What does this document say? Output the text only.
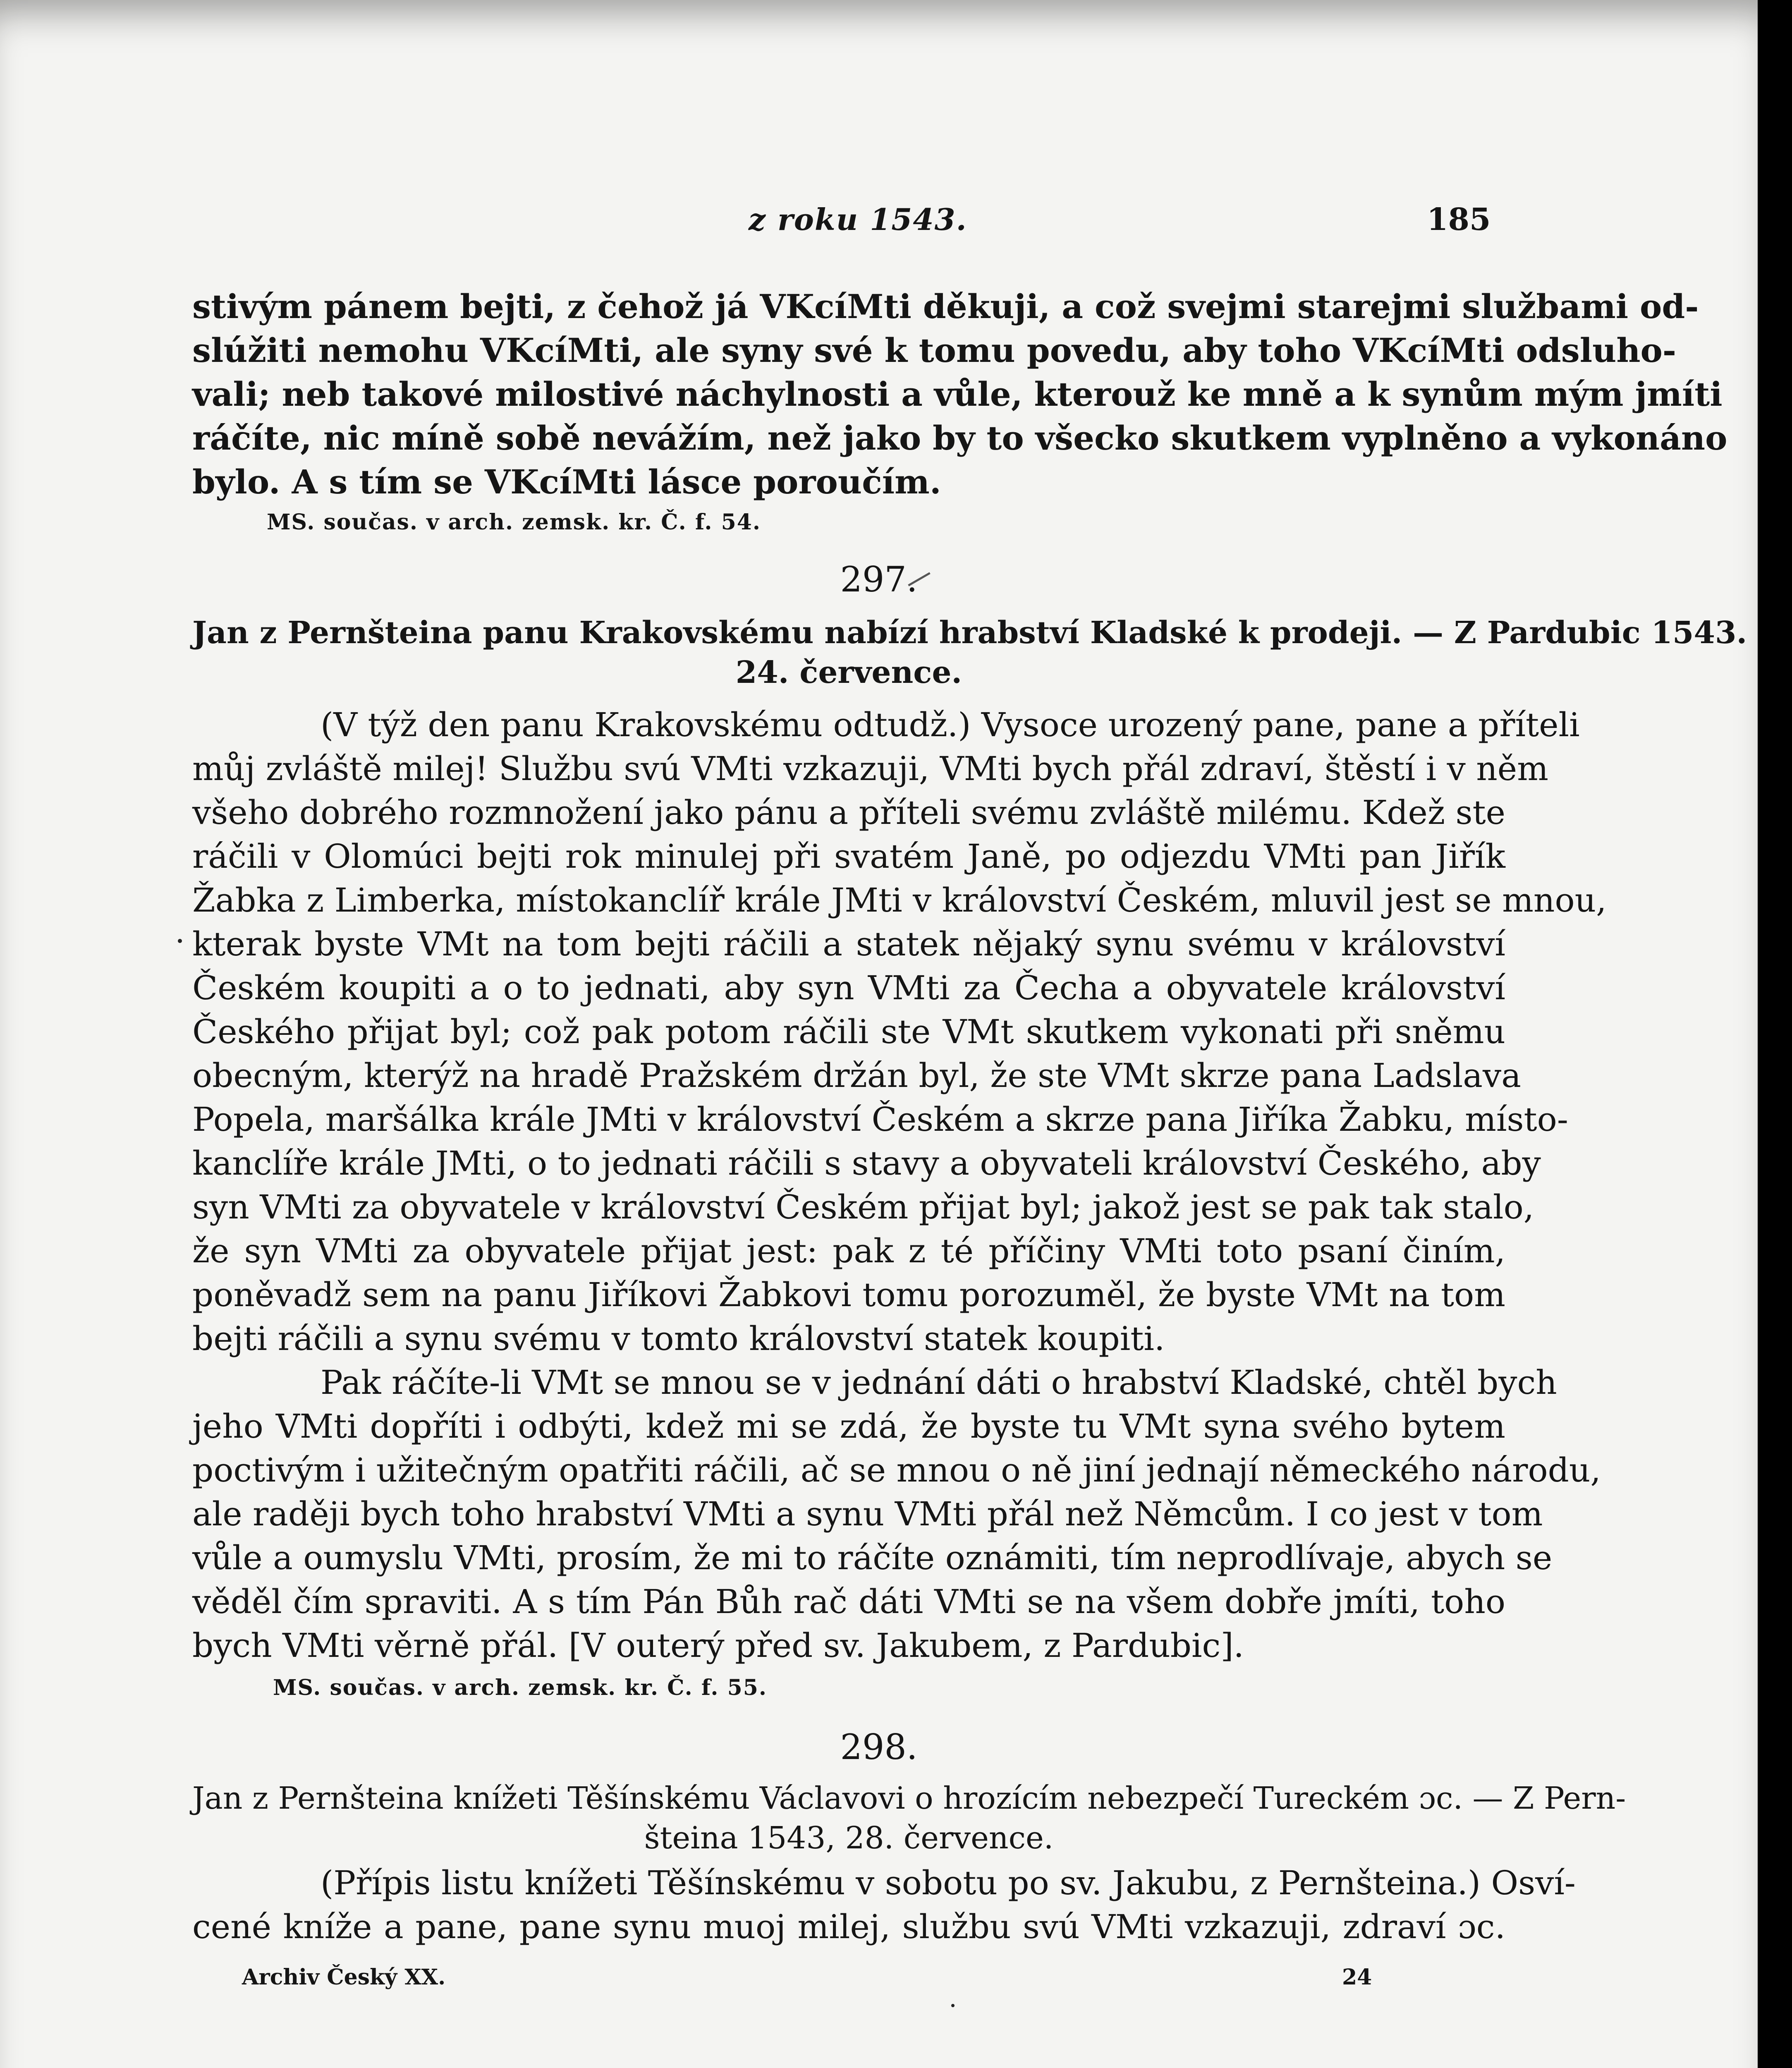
z roku 1543.	185
stivým pánem bejti, z čehož já VKcíMti děkuji, a což svejmi starejmi službami od-
slúžiti nemohu VKcíMti, ale syny své k tomu povedu, aby toho VKcíMti odsluho-
vali; neb takové milostivé náchylnosti a vůle, kterouž ke mně a k synům mým jmíti
ráčíte, nic míně sobě nevážím, než jako by to všecko skutkem vyplněno a vykonáno
bylo. A s tím se VKcíMti lásce poroučím.
MS. součas. v arch. zemsk. kr. Č. f. 54.
297.
Jan z Pernšteina panu Krakovskému nabízí hrabství Kladské k prodeji. — Z Pardubic 1543.
24. července.
(V týž den panu Krakovskému odtudž.) Vysoce urozený pane, pane a příteli
můj zvláště milej! Službu svú VMti vzkazuji, VMti bych přál zdraví, štěstí i v něm
všeho dobrého rozmnožení jako pánu a příteli svému zvláště milému. Kdež ste
ráčili v Olomúci bejti rok minulej při svatém Janě, po odjezdu VMti pan Jiřík
Žabka z Limberka, místokanclíř krále JMti v království Českém, mluvil jest se mnou,
kterak byste VMt na tom bejti ráčili a statek nějaký synu svému v království
Českém koupiti a o to jednati, aby syn VMti za Čecha a obyvatele království
Českého přijat byl; což pak potom ráčili ste VMt skutkem vykonati při sněmu
obecným, kterýž na hradě Pražském držán byl, že ste VMt skrze pana Ladslava
Popela, maršálka krále JMti v království Českém a skrze pana Jiříka Žabku, místo-
kanclíře krále JMti, o to jednati ráčili s stavy a obyvateli království Českého, aby
syn VMti za obyvatele v království Českém přijat byl; jakož jest se pak tak stalo,
že syn VMti za obyvatele přijat jest: pak z té příčiny VMti toto psaní činím,
poněvadž sem na panu Jiříkovi Žabkovi tomu porozuměl, že byste VMt na tom
bejti ráčili a synu svému v tomto království statek koupiti.
Pak ráčíte-li VMt se mnou se v jednání dáti o hrabství Kladské, chtěl bych
jeho VMti dopříti i odbýti, kdež mi se zdá, že byste tu VMt syna svého bytem
poctivým i užitečným opatřiti ráčili, ač se mnou o ně jiní jednají německého národu,
ale raději bych toho hrabství VMti a synu VMti přál než Němcům. I co jest v tom
vůle a oumyslu VMti, prosím, že mi to ráčíte oznámiti, tím neprodlívaje, abych se
věděl čím spraviti. A s tím Pán Bůh rač dáti VMti se na všem dobře jmíti, toho
bych VMti věrně přál. [V outerý před sv. Jakubem, z Pardubic].
MS. součas. v arch. zemsk. kr. Č. f. 55.
298.
Jan z Pernšteina knížeti Těšínskému Václavovi o hrozícím nebezpečí Tureckém ɔc. — Z Pern-
šteina 1543, 28. července.
(Přípis listu knížeti Těšínskému v sobotu po sv. Jakubu, z Pernšteina.) Osví-
cené kníže a pane, pane synu muoj milej, službu svú VMti vzkazuji, zdraví ɔc.
Archiv Český XX.	24
